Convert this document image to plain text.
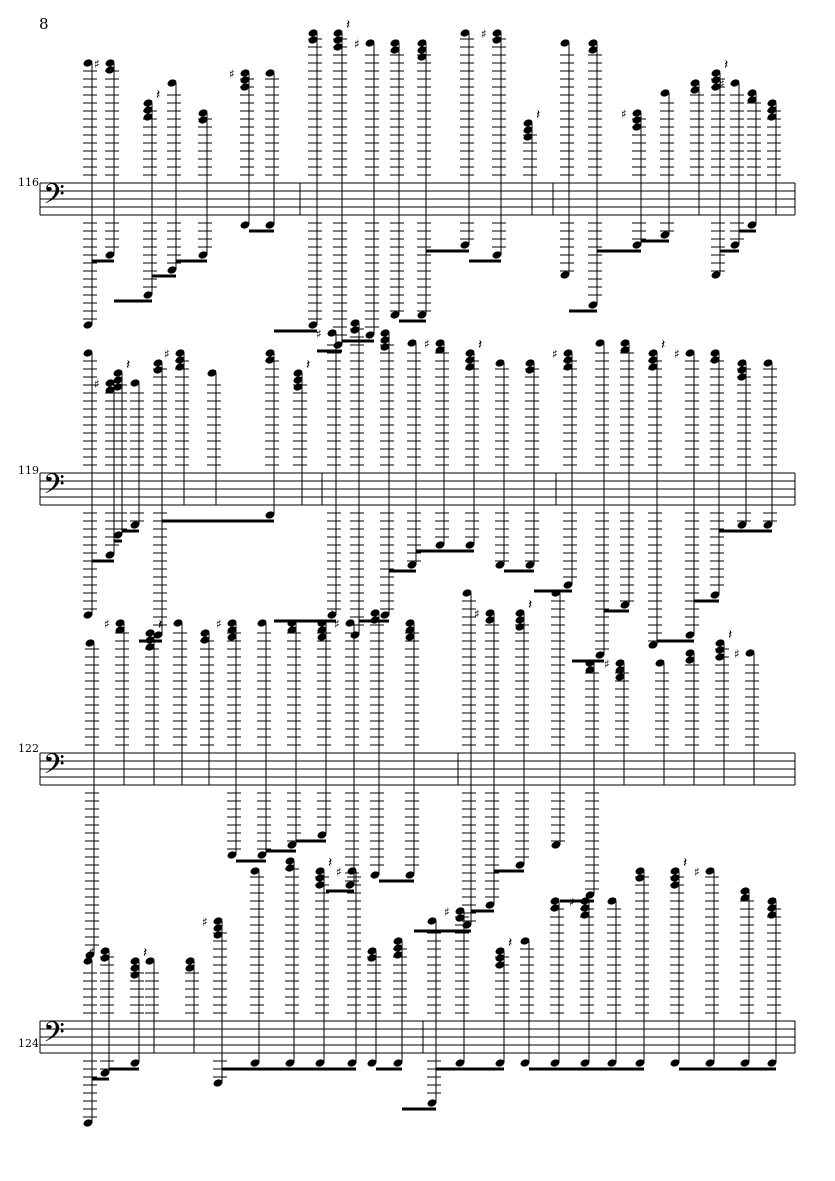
8
116 𝄢
♯
𝄽
♯
𝄽
♯
♯
𝄽	♯
𝄽
♯
119 𝄢
♯
𝄽
♯
𝄽
♯
♯	𝄽
♯
𝄽
♯
122 𝄢
♯	𝄽	♯
𝄽
♯
♯
𝄽
♯
𝄽
♯
124 𝄢
♯	𝄽
♯
𝄽
♯
♯
𝄽
♯
𝄽
♯
